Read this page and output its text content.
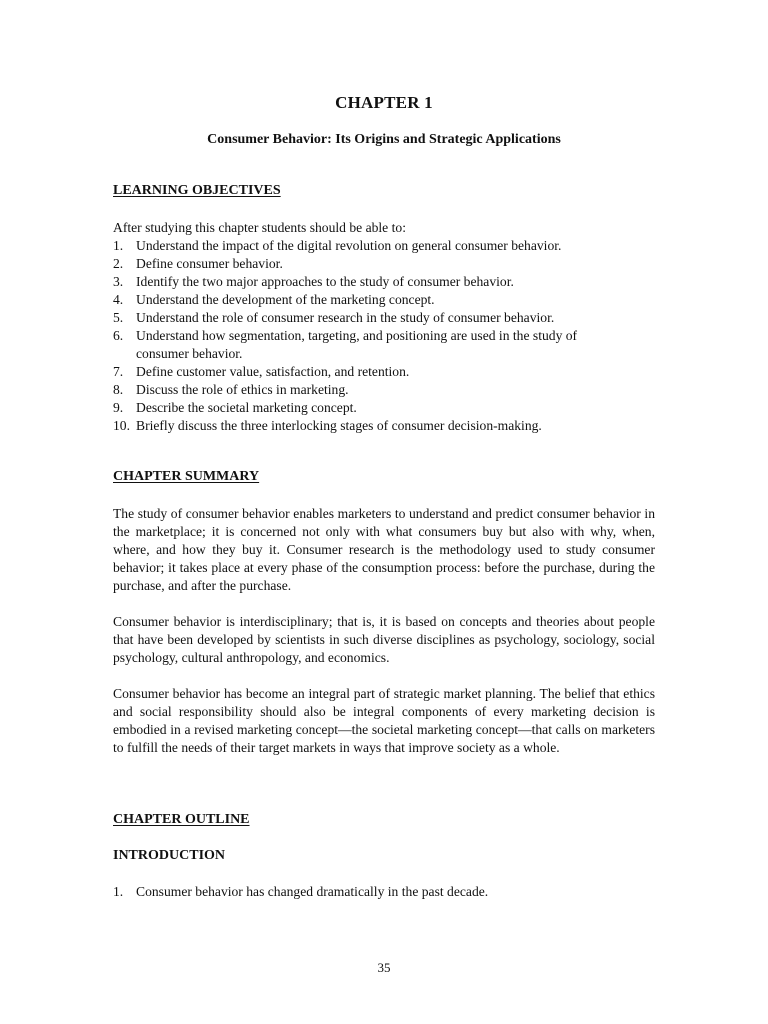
CHAPTER 1
Consumer Behavior: Its Origins and Strategic Applications
LEARNING OBJECTIVES
After studying this chapter students should be able to:
1. Understand the impact of the digital revolution on general consumer behavior.
2. Define consumer behavior.
3. Identify the two major approaches to the study of consumer behavior.
4. Understand the development of the marketing concept.
5. Understand the role of consumer research in the study of consumer behavior.
6. Understand how segmentation, targeting, and positioning are used in the study of consumer behavior.
7. Define customer value, satisfaction, and retention.
8. Discuss the role of ethics in marketing.
9. Describe the societal marketing concept.
10. Briefly discuss the three interlocking stages of consumer decision-making.
CHAPTER SUMMARY

The study of consumer behavior enables marketers to understand and predict consumer behavior in the marketplace; it is concerned not only with what consumers buy but also with why, when, where, and how they buy it. Consumer research is the methodology used to study consumer behavior; it takes place at every phase of the consumption process: before the purchase, during the purchase, and after the purchase.

Consumer behavior is interdisciplinary; that is, it is based on concepts and theories about people that have been developed by scientists in such diverse disciplines as psychology, sociology, social psychology, cultural anthropology, and economics.

Consumer behavior has become an integral part of strategic market planning. The belief that ethics and social responsibility should also be integral components of every marketing decision is embodied in a revised marketing concept—the societal marketing concept—that calls on marketers to fulfill the needs of their target markets in ways that improve society as a whole.

CHAPTER OUTLINE
INTRODUCTION
1. Consumer behavior has changed dramatically in the past decade.
35
